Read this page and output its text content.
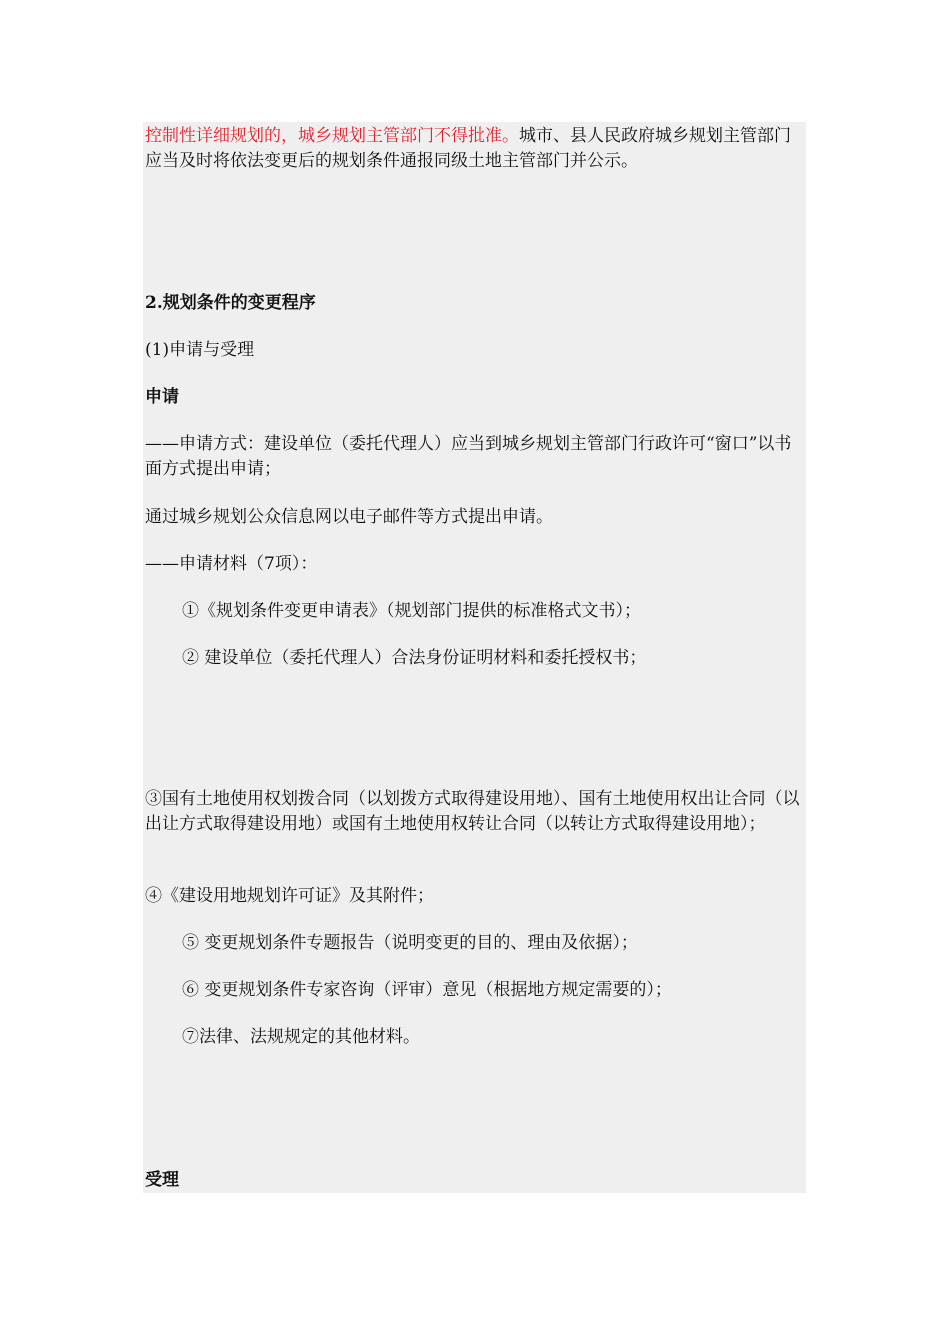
控制性详细规划的，城乡规划主管部门不得批准。城市、县人民政府城乡规划主管部门应当及时将依法变更后的规划条件通报同级土地主管部门并公示。

2.规划条件的变更程序

(1)申请与受理

申请

——申请方式：建设单位（委托代理人）应当到城乡规划主管部门行政许可“窗口”以书面方式提出申请；

通过城乡规划公众信息网以电子邮件等方式提出申请。

——申请材料（7项）：

①《规划条件变更申请表》（规划部门提供的标准格式文书）；

② 建设单位（委托代理人）合法身份证明材料和委托授权书；

③国有土地使用权划拨合同（以划拨方式取得建设用地）、国有土地使用权出让合同（以出让方式取得建设用地）或国有土地使用权转让合同（以转让方式取得建设用地）；

④《建设用地规划许可证》及其附件；

⑤ 变更规划条件专题报告（说明变更的目的、理由及依据）；

⑥ 变更规划条件专家咨询（评审）意见（根据地方规定需要的）；

⑦法律、法规规定的其他材料。

受理
